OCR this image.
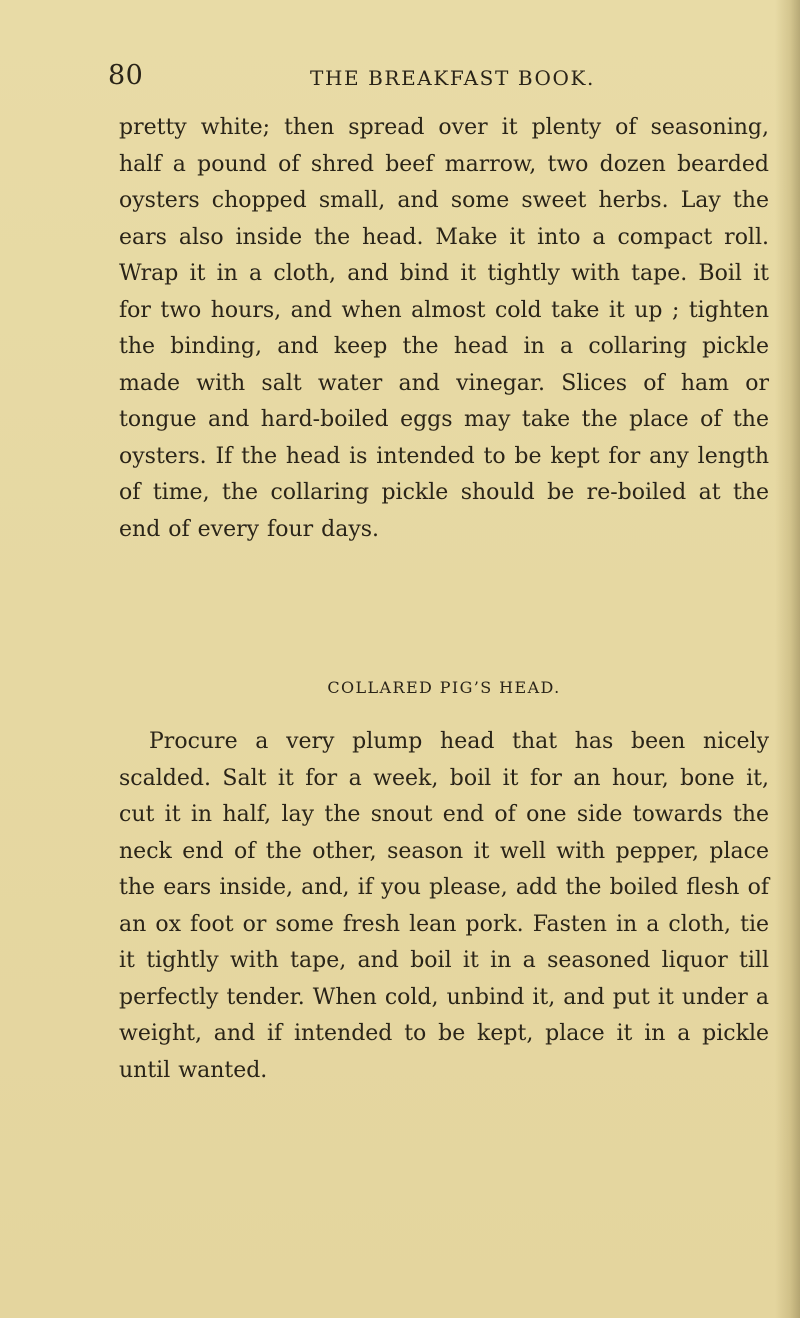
80	THE BREAKFAST BOOK.

pretty white; then spread over it plenty of seasoning, half a pound of shred beef marrow, two dozen bearded oysters chopped small, and some sweet herbs. Lay the ears also inside the head. Make it into a compact roll. Wrap it in a cloth, and bind it tightly with tape. Boil it for two hours, and when almost cold take it up ; tighten the binding, and keep the head in a collaring pickle made with salt water and vinegar. Slices of ham or tongue and hard-boiled eggs may take the place of the oysters. If the head is intended to be kept for any length of time, the collaring pickle should be re-boiled at the end of every four days.

COLLARED PIG’S HEAD.

Procure a very plump head that has been nicely scalded. Salt it for a week, boil it for an hour, bone it, cut it in half, lay the snout end of one side towards the neck end of the other, season it well with pepper, place the ears inside, and, if you please, add the boiled flesh of an ox foot or some fresh lean pork. Fasten in a cloth, tie it tightly with tape, and boil it in a seasoned liquor till perfectly tender. When cold, unbind it, and put it under a weight, and if intended to be kept, place it in a pickle until wanted.
